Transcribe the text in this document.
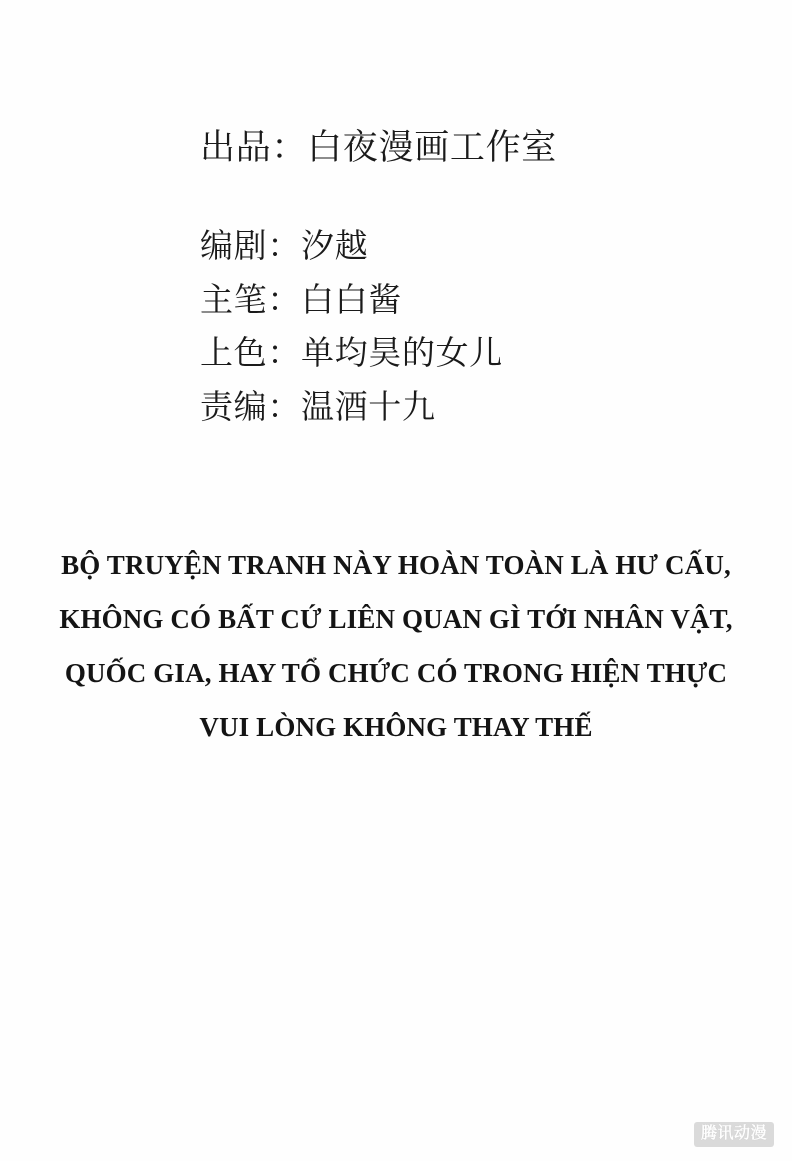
出品：白夜漫画工作室
编剧：汐越
主笔：白白酱
上色：单均昊的女儿
责编：温酒十九
BỘ TRUYỆN TRANH NÀY HOÀN TOÀN LÀ HƯ CẤU,
KHÔNG CÓ BẤT CỨ LIÊN QUAN GÌ TỚI NHÂN VẬT,
QUỐC GIA, HAY TỔ CHỨC CÓ TRONG HIỆN THỰC
VUI LÒNG KHÔNG THAY THẾ
腾讯动漫
